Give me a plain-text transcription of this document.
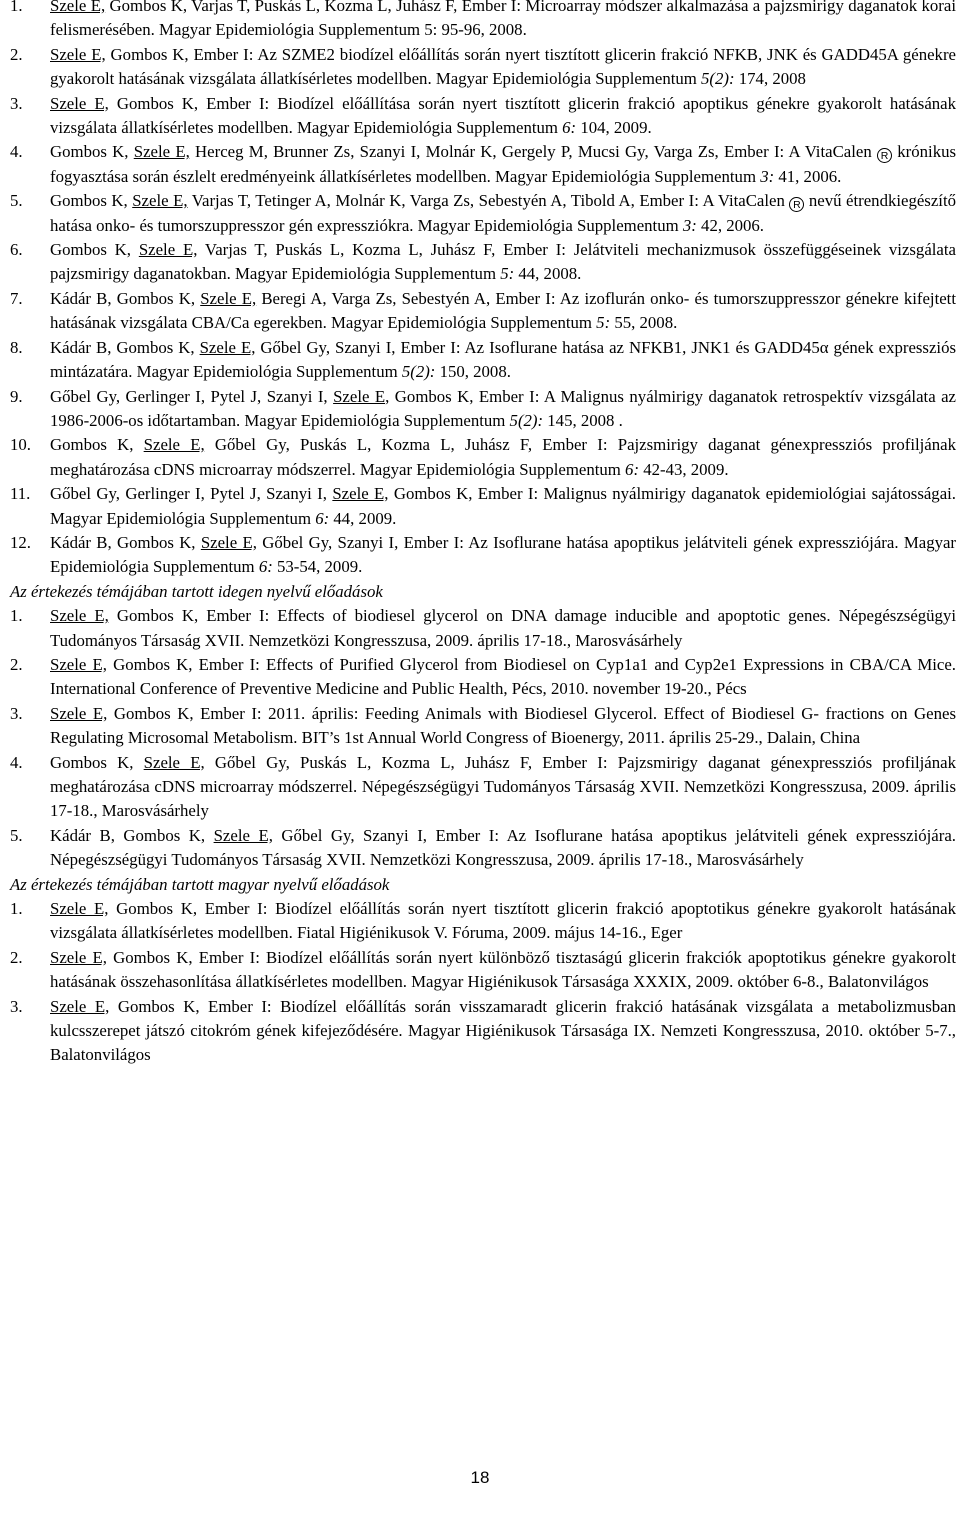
1.	Szele E, Gombos K, Varjas T, Puskás L, Kozma L, Juhász F, Ember I: Microarray módszer alkalmazása a pajzsmirigy daganatok korai felismerésében. Magyar Epidemiológia Supplementum 5: 95-96, 2008.
2.	Szele E, Gombos K, Ember I: Az SZME2 biodízel előállítás során nyert tisztított glicerin frakció NFKB, JNK és GADD45A génekre gyakorolt hatásának vizsgálata állatkísérletes modellben. Magyar Epidemiológia Supplementum 5(2): 174, 2008
3.	Szele E, Gombos K, Ember I: Biodízel előállítása során nyert tisztított glicerin frakció apoptikus génekre gyakorolt hatásának vizsgálata állatkísérletes modellben. Magyar Epidemiológia Supplementum 6: 104, 2009.
4.	Gombos K, Szele E, Herceg M, Brunner Zs, Szanyi I, Molnár K, Gergely P, Mucsi Gy, Varga Zs, Ember I: A VitaCalen R krónikus fogyasztása során észlelt eredményeink állatkísérletes modellben. Magyar Epidemiológia Supplementum 3: 41, 2006.
5.	Gombos K, Szele E, Varjas T, Tetinger A, Molnár K, Varga Zs, Sebestyén A, Tibold A, Ember I: A VitaCalen R nevű étrendkiegészítő hatása onko- és tumorszuppresszor gén expressziókra. Magyar Epidemiológia Supplementum 3: 42, 2006.
6.	Gombos K, Szele E, Varjas T, Puskás L, Kozma L, Juhász F, Ember I: Jelátviteli mechanizmusok összefüggéseinek vizsgálata pajzsmirigy daganatokban. Magyar Epidemiológia Supplementum 5: 44, 2008.
7.	Kádár B, Gombos K, Szele E, Beregi A, Varga Zs, Sebestyén A, Ember I: Az izoflurán onko- és tumorszuppresszor génekre kifejtett hatásának vizsgálata CBA/Ca egerekben. Magyar Epidemiológia Supplementum 5: 55, 2008.
8.	Kádár B, Gombos K, Szele E, Gőbel Gy, Szanyi I, Ember I: Az Isoflurane hatása az NFKB1, JNK1 és GADD45α gének expressziós mintázatára. Magyar Epidemiológia Supplementum 5(2): 150, 2008.
9.	Gőbel Gy, Gerlinger I, Pytel J, Szanyi I, Szele E, Gombos K, Ember I: A Malignus nyálmirigy daganatok retrospektív vizsgálata az 1986-2006-os időtartamban. Magyar Epidemiológia Supplementum 5(2): 145, 2008 .
10.	Gombos K, Szele E, Gőbel Gy, Puskás L, Kozma L, Juhász F, Ember I: Pajzsmirigy daganat génexpressziós profiljának meghatározása cDNS microarray módszerrel. Magyar Epidemiológia Supplementum 6: 42-43, 2009.
11.	Gőbel Gy, Gerlinger I, Pytel J, Szanyi I, Szele E, Gombos K, Ember I: Malignus nyálmirigy daganatok epidemiológiai sajátosságai. Magyar Epidemiológia Supplementum 6: 44, 2009.
12.	Kádár B, Gombos K, Szele E, Gőbel Gy, Szanyi I, Ember I: Az Isoflurane hatása apoptikus jelátviteli gének expressziójára. Magyar Epidemiológia Supplementum 6: 53-54, 2009.
Az értekezés témájában tartott idegen nyelvű előadások
1.	Szele E, Gombos K, Ember I: Effects of biodiesel glycerol on DNA damage inducible and apoptotic genes. Népegészségügyi Tudományos Társaság XVII. Nemzetközi Kongresszusa, 2009. április 17-18., Marosvásárhely
2.	Szele E, Gombos K, Ember I: Effects of Purified Glycerol from Biodiesel on Cyp1a1 and Cyp2e1 Expressions in CBA/CA Mice. International Conference of Preventive Medicine and Public Health, Pécs, 2010. november 19-20., Pécs
3.	Szele E, Gombos K, Ember I: 2011. április: Feeding Animals with Biodiesel Glycerol. Effect of Biodiesel G- fractions on Genes Regulating Microsomal Metabolism. BIT’s 1st Annual World Congress of Bioenergy, 2011. április 25-29., Dalain, China
4.	Gombos K, Szele E, Gőbel Gy, Puskás L, Kozma L, Juhász F, Ember I: Pajzsmirigy daganat génexpressziós profiljának meghatározása cDNS microarray módszerrel. Népegészségügyi Tudományos Társaság XVII. Nemzetközi Kongresszusa, 2009. április 17-18., Marosvásárhely
5.	Kádár B, Gombos K, Szele E, Gőbel Gy, Szanyi I, Ember I: Az Isoflurane hatása apoptikus jelátviteli gének expressziójára. Népegészségügyi Tudományos Társaság XVII. Nemzetközi Kongresszusa, 2009. április 17-18., Marosvásárhely
Az értekezés témájában tartott magyar nyelvű előadások
1.	Szele E, Gombos K, Ember I: Biodízel előállítás során nyert tisztított glicerin frakció apoptotikus génekre gyakorolt hatásának vizsgálata állatkísérletes modellben. Fiatal Higiénikusok V. Fóruma, 2009. május 14-16., Eger
2.	Szele E, Gombos K, Ember I: Biodízel előállítás során nyert különböző tisztaságú glicerin frakciók apoptotikus génekre gyakorolt hatásának összehasonlítása állatkísérletes modellben. Magyar Higiénikusok Társasága XXXIX, 2009. október 6-8., Balatonvilágos
3.	Szele E, Gombos K, Ember I: Biodízel előállítás során visszamaradt glicerin frakció hatásának vizsgálata a metabolizmusban kulcsszerepet játszó citokróm gének kifejeződésére. Magyar Higiénikusok Társasága IX. Nemzeti Kongresszusa, 2010. október 5-7., Balatonvilágos
18
